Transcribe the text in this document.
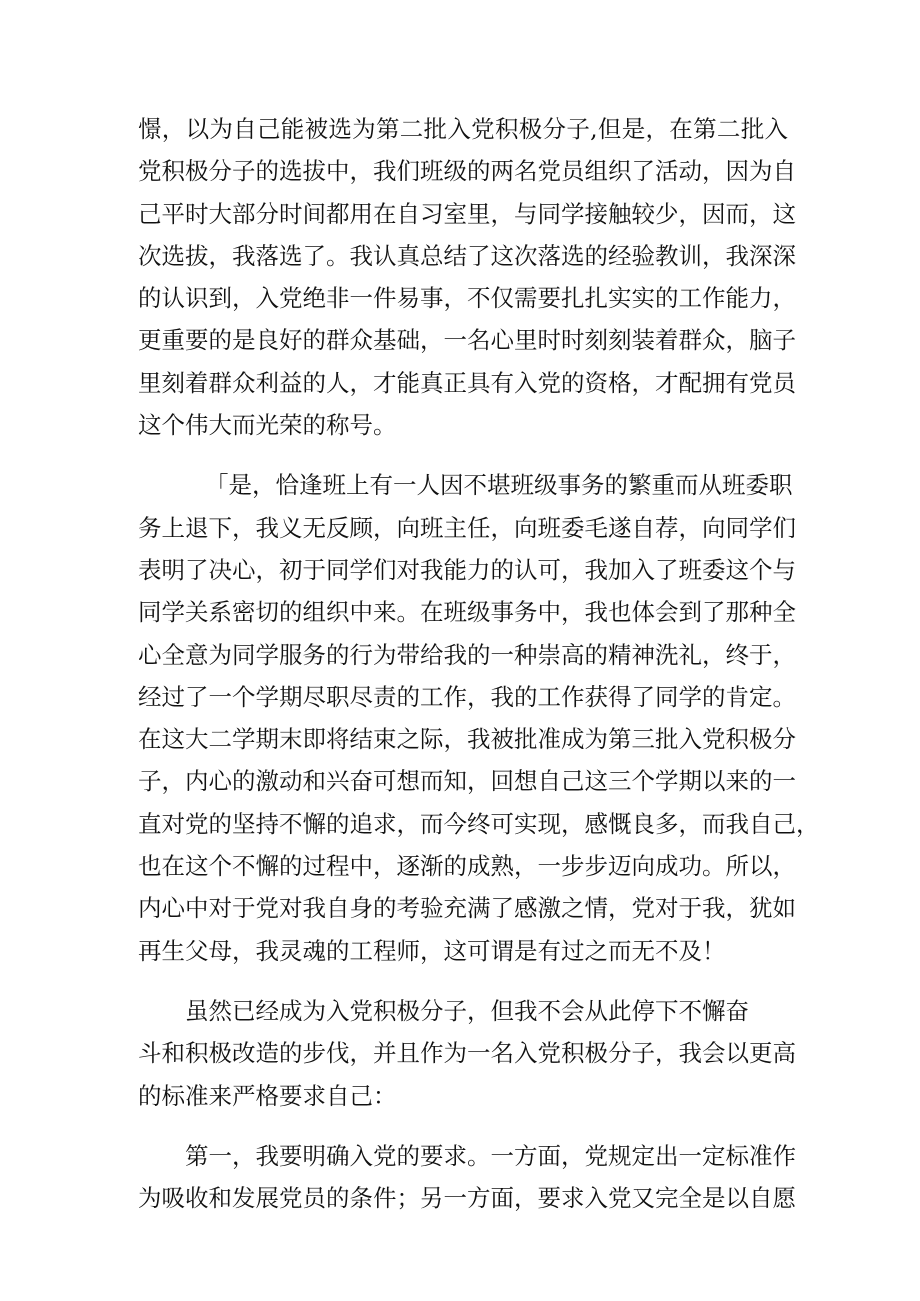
憬，以为自己能被选为第二批入党积极分子,但是，在第二批入
党积极分子的选拔中，我们班级的两名党员组织了活动，因为自
己平时大部分时间都用在自习室里，与同学接触较少，因而，这
次选拔，我落选了。我认真总结了这次落选的经验教训，我深深
的认识到，入党绝非一件易事，不仅需要扎扎实实的工作能力，
更重要的是良好的群众基础，一名心里时时刻刻装着群众，脑子
里刻着群众利益的人，才能真正具有入党的资格，才配拥有党员
这个伟大而光荣的称号。
「是，恰逢班上有一人因不堪班级事务的繁重而从班委职
务上退下，我义无反顾，向班主任，向班委毛遂自荐，向同学们
表明了决心，初于同学们对我能力的认可，我加入了班委这个与
同学关系密切的组织中来。在班级事务中，我也体会到了那种全
心全意为同学服务的行为带给我的一种崇高的精神洗礼，终于，
经过了一个学期尽职尽责的工作，我的工作获得了同学的肯定。
在这大二学期末即将结束之际，我被批准成为第三批入党积极分
子，内心的激动和兴奋可想而知，回想自己这三个学期以来的一
直对党的坚持不懈的追求，而今终可实现，感慨良多，而我自己，
也在这个不懈的过程中，逐渐的成熟，一步步迈向成功。所以，
内心中对于党对我自身的考验充满了感激之情，党对于我，犹如
再生父母，我灵魂的工程师，这可谓是有过之而无不及！
虽然已经成为入党积极分子，但我不会从此停下不懈奋
斗和积极改造的步伐，并且作为一名入党积极分子，我会以更高
的标准来严格要求自己：
第一，我要明确入党的要求。一方面，党规定出一定标准作
为吸收和发展党员的条件；另一方面，要求入党又完全是以自愿
